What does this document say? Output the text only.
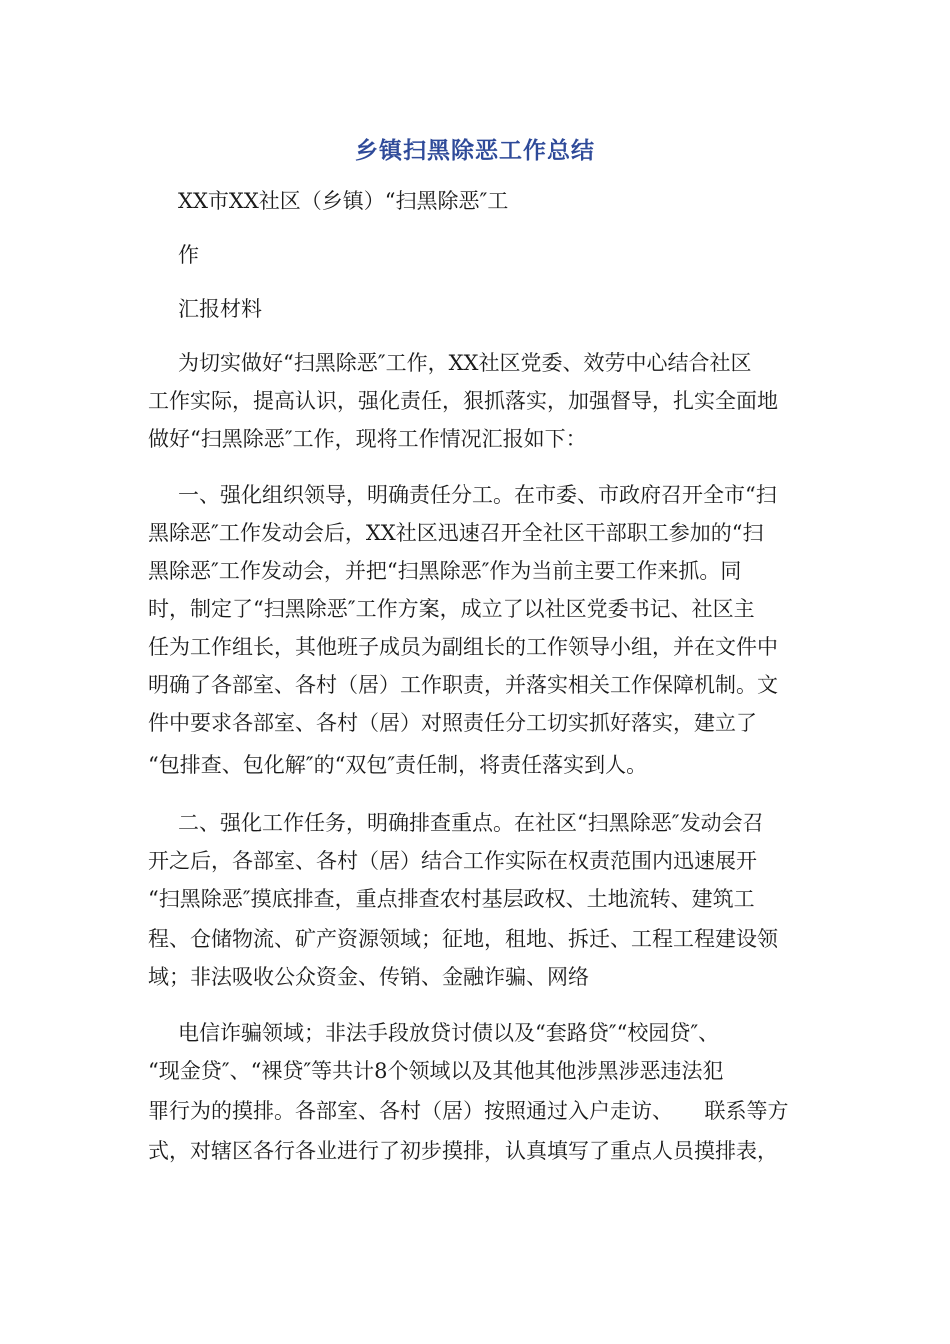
乡镇扫黑除恶工作总结
XX市XX社区（乡镇）“扫黑除恶″工
作
汇报材料
为切实做好“扫黑除恶″工作，XX社区党委、效劳中心结合社区
工作实际，提高认识，强化责任，狠抓落实，加强督导，扎实全面地
做好“扫黑除恶″工作，现将工作情况汇报如下：
一、强化组织领导，明确责任分工。在市委、市政府召开全市“扫
黑除恶″工作发动会后，XX社区迅速召开全社区干部职工参加的“扫
黑除恶″工作发动会，并把“扫黑除恶″作为当前主要工作来抓。同
时，制定了“扫黑除恶″工作方案，成立了以社区党委书记、社区主
任为工作组长，其他班子成员为副组长的工作领导小组，并在文件中
明确了各部室、各村（居）工作职责，并落实相关工作保障机制。文
件中要求各部室、各村（居）对照责任分工切实抓好落实，建立了
“包排查、包化解″的“双包″责任制，将责任落实到人。
二、强化工作任务，明确排查重点。在社区“扫黑除恶″发动会召
开之后，各部室、各村（居）结合工作实际在权责范围内迅速展开
“扫黑除恶″摸底排查，重点排查农村基层政权、土地流转、建筑工
程、仓储物流、矿产资源领域；征地，租地、拆迁、工程工程建设领
域；非法吸收公众资金、传销、金融诈骗、网络
电信诈骗领域；非法手段放贷讨债以及“套路贷″“校园贷″、
“现金贷″、“裸贷″等共计8个领域以及其他其他涉黑涉恶违法犯
罪行为的摸排。各部室、各村（居）按照通过入户走访、　　联系等方
式，对辖区各行各业进行了初步摸排，认真填写了重点人员摸排表，
